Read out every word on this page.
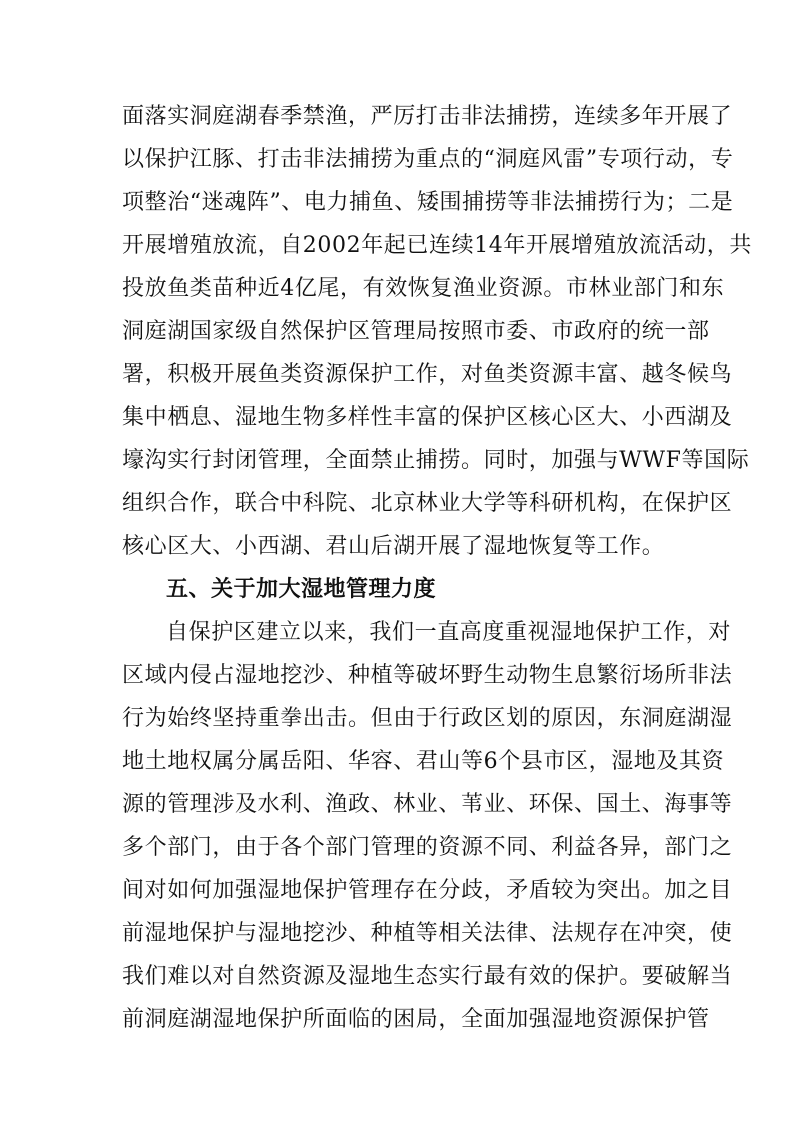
面落实洞庭湖春季禁渔，严厉打击非法捕捞，连续多年开展了
以保护江豚、打击非法捕捞为重点的“洞庭风雷”专项行动，专
项整治“迷魂阵”、电力捕鱼、矮围捕捞等非法捕捞行为；二是
开展增殖放流，自2002年起已连续14年开展增殖放流活动，共
投放鱼类苗种近4亿尾，有效恢复渔业资源。市林业部门和东
洞庭湖国家级自然保护区管理局按照市委、市政府的统一部
署，积极开展鱼类资源保护工作，对鱼类资源丰富、越冬候鸟
集中栖息、湿地生物多样性丰富的保护区核心区大、小西湖及
壕沟实行封闭管理，全面禁止捕捞。同时，加强与WWF等国际
组织合作，联合中科院、北京林业大学等科研机构，在保护区
核心区大、小西湖、君山后湖开展了湿地恢复等工作。
五、关于加大湿地管理力度
自保护区建立以来，我们一直高度重视湿地保护工作，对
区域内侵占湿地挖沙、种植等破坏野生动物生息繁衍场所非法
行为始终坚持重拳出击。但由于行政区划的原因，东洞庭湖湿
地土地权属分属岳阳、华容、君山等6个县市区，湿地及其资
源的管理涉及水利、渔政、林业、苇业、环保、国土、海事等
多个部门，由于各个部门管理的资源不同、利益各异，部门之
间对如何加强湿地保护管理存在分歧，矛盾较为突出。加之目
前湿地保护与湿地挖沙、种植等相关法律、法规存在冲突，使
我们难以对自然资源及湿地生态实行最有效的保护。要破解当
前洞庭湖湿地保护所面临的困局，全面加强湿地资源保护管
